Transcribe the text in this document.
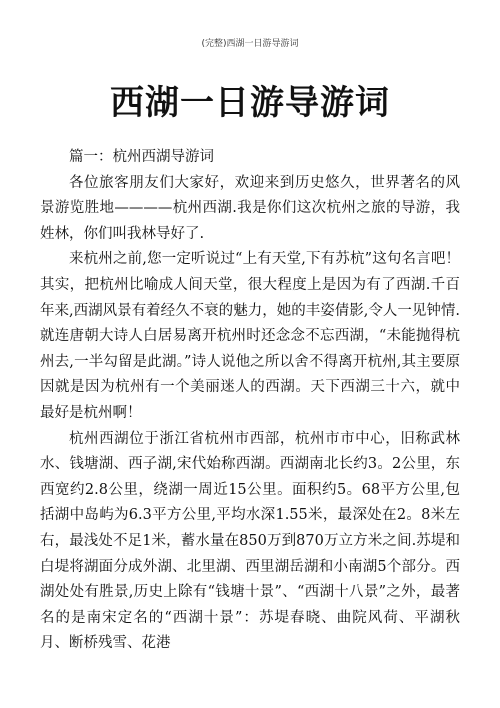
(完整)西湖一日游导游词
西湖一日游导游词

篇一：杭州西湖导游词

各位旅客朋友们大家好，欢迎来到历史悠久，世界著名的风景游览胜地————杭州西湖.我是你们这次杭州之旅的导游，我姓林，你们叫我林导好了.

来杭州之前,您一定听说过“上有天堂,下有苏杭”这句名言吧！其实，把杭州比喻成人间天堂，很大程度上是因为有了西湖.千百年来,西湖风景有着经久不衰的魅力，她的丰姿倩影,令人一见钟情.就连唐朝大诗人白居易离开杭州时还念念不忘西湖，“未能抛得杭州去,一半勾留是此湖。”诗人说他之所以舍不得离开杭州,其主要原因就是因为杭州有一个美丽迷人的西湖。天下西湖三十六，就中最好是杭州啊！

杭州西湖位于浙江省杭州市西部，杭州市市中心，旧称武林水、钱塘湖、西子湖,宋代始称西湖。西湖南北长约3。2公里，东西宽约2.8公里，绕湖一周近15公里。面积约5。68平方公里,包括湖中岛屿为6.3平方公里,平均水深1.55米，最深处在2。8米左右，最浅处不足1米，蓄水量在850万到870万立方米之间.苏堤和白堤将湖面分成外湖、北里湖、西里湖岳湖和小南湖5个部分。西湖处处有胜景,历史上除有“钱塘十景”、“西湖十八景”之外，最著名的是南宋定名的“西湖十景”：苏堤春晓、曲院风荷、平湖秋月、断桥残雪、花港
